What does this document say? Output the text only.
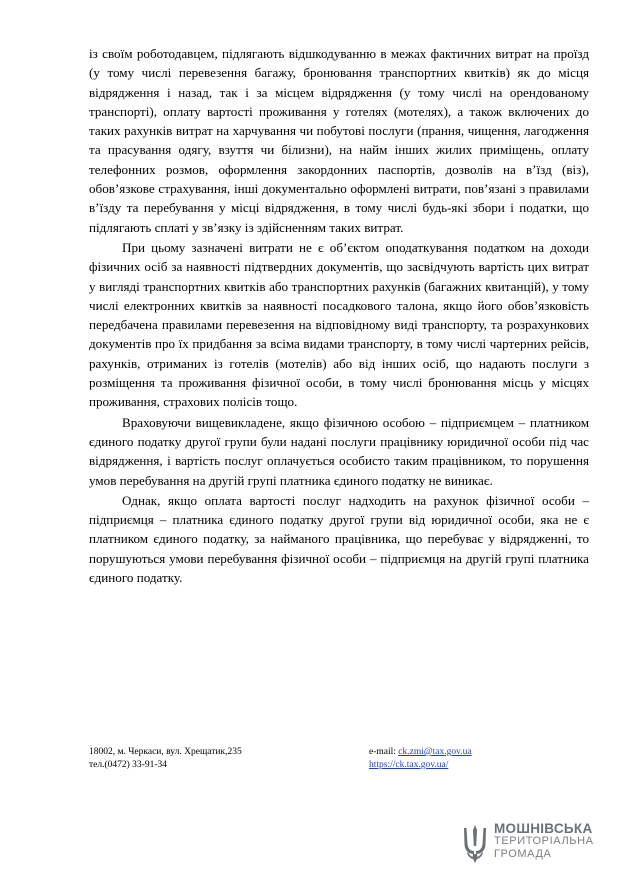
із своїм роботодавцем, підлягають відшкодуванню в межах фактичних витрат на проїзд (у тому числі перевезення багажу, бронювання транспортних квитків) як до місця відрядження і назад, так і за місцем відрядження (у тому числі на орендованому транспорті), оплату вартості проживання у готелях (мотелях), а також включених до таких рахунків витрат на харчування чи побутові послуги (прання, чищення, лагодження та прасування одягу, взуття чи білизни), на найм інших жилих приміщень, оплату телефонних розмов, оформлення закордонних паспортів, дозволів на в’їзд (віз), обов’язкове страхування, інші документально оформлені витрати, пов’язані з правилами в’їзду та перебування у місці відрядження, в тому числі будь-які збори і податки, що підлягають сплаті у зв’язку із здійсненням таких витрат.

При цьому зазначені витрати не є об’єктом оподаткування податком на доходи фізичних осіб за наявності підтвердних документів, що засвідчують вартість цих витрат у вигляді транспортних квитків або транспортних рахунків (багажних квитанцій), у тому числі електронних квитків за наявності посадкового талона, якщо його обов’язковість передбачена правилами перевезення на відповідному виді транспорту, та розрахункових документів про їх придбання за всіма видами транспорту, в тому числі чартерних рейсів, рахунків, отриманих із готелів (мотелів) або від інших осіб, що надають послуги з розміщення та проживання фізичної особи, в тому числі бронювання місць у місцях проживання, страхових полісів тощо.

Враховуючи вищевикладене, якщо фізичною особою – підприємцем – платником єдиного податку другої групи були надані послуги працівнику юридичної особи під час відрядження, і вартість послуг оплачується особисто таким працівником, то порушення умов перебування на другій групі платника єдиного податку не виникає.

Однак, якщо оплата вартості послуг надходить на рахунок фізичної особи – підприємця – платника єдиного податку другої групи від юридичної особи, яка не є платником єдиного податку, за найманого працівника, що перебуває у відрядженні, то порушуються умови перебування фізичної особи – підприємця на другій групі платника єдиного податку.

18002, м. Черкаси, вул. Хрещатик,235
тел.(0472) 33-91-34
e-mail: ck.zmi@tax.gov.ua
https://ck.tax.gov.ua/
МОШНІВСЬКА
ТЕРИТОРІАЛЬНА
ГРОМАДА
